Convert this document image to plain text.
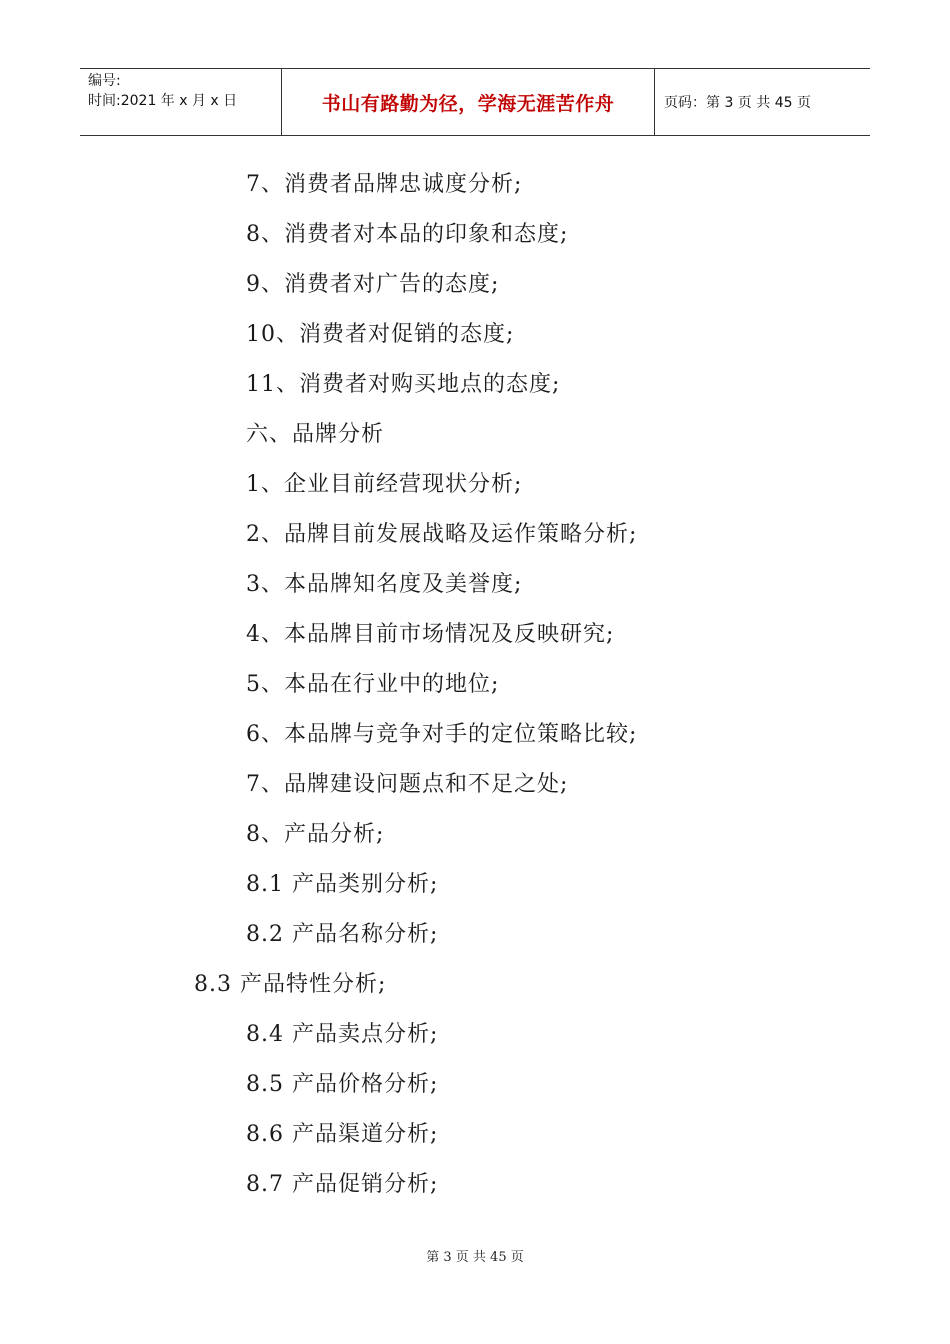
编号:
时间:2021 年 x 月 x 日	书山有路勤为径，学海无涯苦作舟	页码：第 3 页 共 45 页
7、消费者品牌忠诚度分析;
8、消费者对本品的印象和态度;
9、消费者对广告的态度;
10、消费者对促销的态度;
11、消费者对购买地点的态度;
六、品牌分析
1、企业目前经营现状分析;
2、品牌目前发展战略及运作策略分析;
3、本品牌知名度及美誉度;
4、本品牌目前市场情况及反映研究;
5、本品在行业中的地位;
6、本品牌与竞争对手的定位策略比较;
7、品牌建设问题点和不足之处;
8、产品分析;
8.1 产品类别分析;
8.2 产品名称分析;
8.3 产品特性分析;
8.4 产品卖点分析;
8.5 产品价格分析;
8.6 产品渠道分析;
8.7 产品促销分析;
第 3 页 共 45 页
